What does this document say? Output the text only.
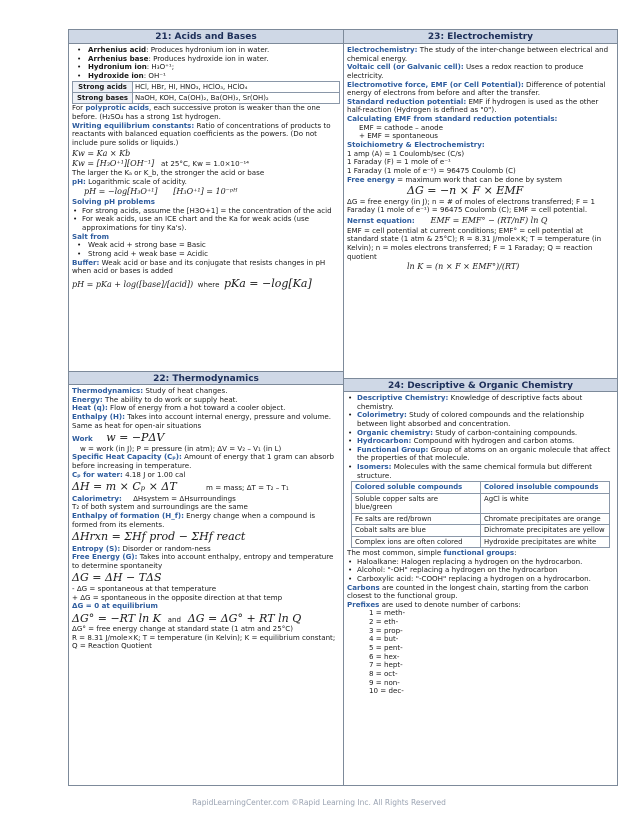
21: Acids and Bases
• Arrhenius acid: Produces hydronium ion in water.
• Arrhenius base: Produces hydroxide ion in water.
• Hydronium ion: H₃O⁺¹;
• Hydroxide ion: OH⁻¹
Strong acids	HCl, HBr, HI, HNO₃, HClO₃, HClO₄
Strong bases	NaOH, KOH, Ca(OH)₂, Ba(OH)₂, Sr(OH)₂
For polyprotic acids, each successive proton is weaker than the one before. (H₂SO₄ has a strong 1st hydrogen.
Writing equilibrium constants: Ratio of concentrations of products to reactants with balanced equation coefficients as the powers. (Do not include pure solids or liquids.)
Kw = Ka × Kb
Kw = [H₃O⁺¹][OH⁻¹] at 25°C, Kw = 1.0×10⁻¹⁴
The larger the Kₐ or K_b, the stronger the acid or base
pH: Logarithmic scale of acidity.
pH = −log[H₃O⁺¹] [H₃O⁺¹] = 10⁻ᵖᴴ
Solving pH problems
• For strong acids, assume the [H3O+1] = the concentration of the acid
• For weak acids, use an ICE chart and the Ka for weak acids (use approximations for tiny Ka's).
Salt from
• Weak acid + strong base = Basic
• Strong acid + weak base = Acidic
Buffer: Weak acid or base and its conjugate that resists changes in pH when acid or bases is added
pH = pKa + log([base]/[acid]) where pKa = −log[Ka]
22: Thermodynamics
Thermodynamics: Study of heat changes.
Energy: The ability to do work or supply heat.
Heat (q): Flow of energy from a hot toward a cooler object.
Enthalpy (H): Takes into account internal energy, pressure and volume. Same as heat for open-air situations
Work w = −PΔV
w = work (in J); P = pressure (in atm); ΔV = V₂ – V₁ (in L)
Specific Heat Capacity (Cₚ): Amount of energy that 1 gram can absorb before increasing in temperature.
Cₚ for water: 4.18 J or 1.00 cal
ΔH = m × Cₚ × ΔT	m = mass; ΔT = T₂ – T₁
Calorimetry: ΔHsystem = ΔHsurroundings
T₂ of both system and surroundings are the same
Enthalpy of formation (H_f): Energy change when a compound is formed from its elements.
ΔHrxn = ΣHf prod − ΣHf react
Entropy (S): Disorder or random-ness
Free Energy (G): Takes into account enthalpy, entropy and temperature to determine spontaneity
ΔG = ΔH − TΔS
- ΔG = spontaneous at that temperature
+ ΔG = spontaneous in the opposite direction at that temp
ΔG = 0 at equilibrium
ΔG° = −RT ln K and ΔG = ΔG° + RT ln Q
ΔG° = free energy change at standard state (1 atm and 25°C)
R = 8.31 J/mole×K; T = temperature (in Kelvin); K = equilibrium constant; Q = Reaction Quotient
23: Electrochemistry
Electrochemistry: The study of the inter-change between electrical and chemical energy.
Voltaic cell (or Galvanic cell): Uses a redox reaction to produce electricity.
Electromotive force, EMF (or Cell Potential): Difference of potential energy of electrons from before and after the transfer.
Standard reduction potential: EMF if hydrogen is used as the other half-reaction (Hydrogen is defined as "0").
Calculating EMF from standard reduction potentials:
EMF = cathode – anode
+ EMF = spontaneous
Stoichiometry & Electrochemistry:
1 amp (A) = 1 Coulomb/sec (C/s)
1 Faraday (F) = 1 mole of e⁻¹
1 Faraday (1 mole of e⁻¹) = 96475 Coulomb (C)
Free energy = maximum work that can be done by system
ΔG = −n × F × EMF
ΔG = free energy (in J); n = # of moles of electrons transferred; F = 1 Faraday (1 mole of e⁻¹) = 96475 Coulomb (C); EMF = cell potential.
Nernst equation: EMF = EMF° − (RT/nF) ln Q
EMF = cell potential at current conditions; EMF° = cell potential at standard state (1 atm & 25°C); R = 8.31 J/mole×K; T = temperature (in Kelvin); n = moles electrons transferred; F = 1 Faraday; Q = reaction quotient
ln K = (n × F × EMF°)/(RT)
24: Descriptive & Organic Chemistry
• Descriptive Chemistry: Knowledge of descriptive facts about chemistry.
• Colorimetry: Study of colored compounds and the relationship between light absorbed and concentration.
• Organic chemistry: Study of carbon-containing compounds.
• Hydrocarbon: Compound with hydrogen and carbon atoms.
• Functional Group: Group of atoms on an organic molecule that affect the properties of that molecule.
• Isomers: Molecules with the same chemical formula but different structure.
Colored soluble compounds	Colored insoluble compounds
Soluble copper salts are blue/green	AgCl is white
Fe salts are red/brown	Chromate precipitates are orange
Cobalt salts are blue	Dichromate precipitates are yellow
Complex ions are often colored	Hydroxide precipitates are white
The most common, simple functional groups:
• Haloalkane: Halogen replacing a hydrogen on the hydrocarbon.
• Alcohol: "-OH" replacing a hydrogen on the hydrocarbon
• Carboxylic acid: "-COOH" replacing a hydrogen on a hydrocarbon.
Carbons are counted in the longest chain, starting from the carbon closest to the functional group.
Prefixes are used to denote number of carbons:
1 = meth-
2 = eth-
3 = prop-
4 = but-
5 = pent-
6 = hex-
7 = hept-
8 = oct-
9 = non-
10 = dec-
RapidLearningCenter.com ©Rapid Learning Inc. All Rights Reserved
